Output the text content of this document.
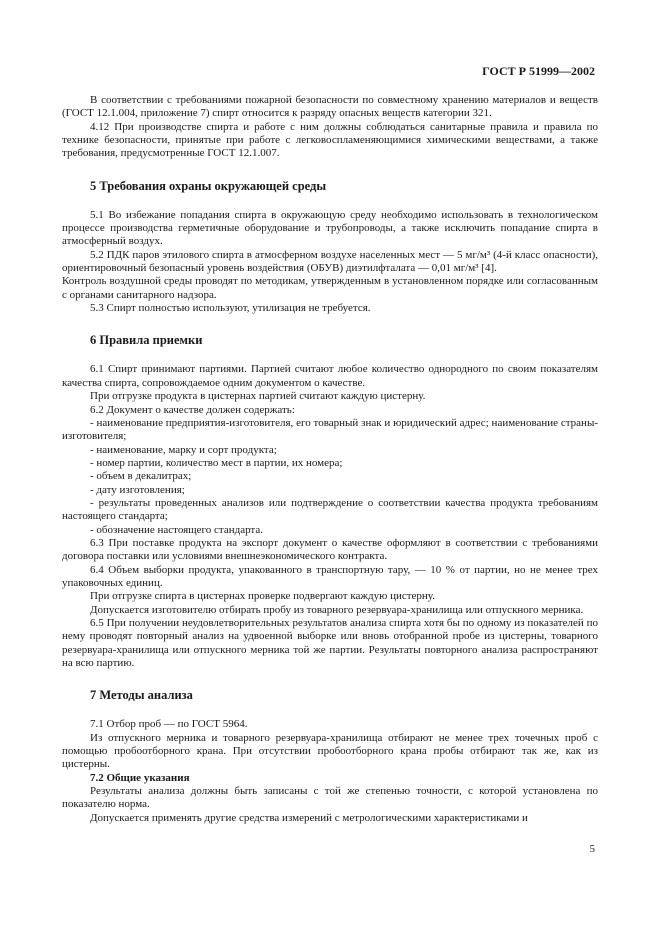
ГОСТ Р 51999—2002

В соответствии с требованиями пожарной безопасности по совместному хранению материалов и веществ (ГОСТ 12.1.004, приложение 7) спирт относится к разряду опасных веществ категории 321.

4.12 При производстве спирта и работе с ним должны соблюдаться санитарные правила и правила по технике безопасности, принятые при работе с легковоспламеняющимися химическими веществами, а также требования, предусмотренные ГОСТ 12.1.007.

5 Требования охраны окружающей среды

5.1 Во избежание попадания спирта в окружающую среду необходимо использовать в технологическом процессе производства герметичные оборудование и трубопроводы, а также исключить попадание спирта в атмосферный воздух.

5.2 ПДК паров этилового спирта в атмосферном воздухе населенных мест — 5 мг/м³ (4-й класс опасности), ориентировочный безопасный уровень воздействия (ОБУВ) диэтилфталата — 0,01 мг/м³ [4].

Контроль воздушной среды проводят по методикам, утвержденным в установленном порядке или согласованным с органами санитарного надзора.

5.3 Спирт полностью используют, утилизация не требуется.

6 Правила приемки

6.1 Спирт принимают партиями. Партией считают любое количество однородного по своим показателям качества спирта, сопровождаемое одним документом о качестве.

При отгрузке продукта в цистернах партией считают каждую цистерну.

6.2 Документ о качестве должен содержать:

- наименование предприятия-изготовителя, его товарный знак и юридический адрес; наименование страны-изготовителя;

- наименование, марку и сорт продукта;

- номер партии, количество мест в партии, их номера;

- объем в декалитрах;

- дату изготовления;

- результаты проведенных анализов или подтверждение о соответствии качества продукта требованиям настоящего стандарта;

- обозначение настоящего стандарта.

6.3 При поставке продукта на экспорт документ о качестве оформляют в соответствии с требованиями договора поставки или условиями внешнеэкономического контракта.

6.4 Объем выборки продукта, упакованного в транспортную тару, — 10 % от партии, но не менее трех упаковочных единиц.

При отгрузке спирта в цистернах проверке подвергают каждую цистерну.

Допускается изготовителю отбирать пробу из товарного резервуара-хранилища или отпускного мерника.

6.5 При получении неудовлетворительных результатов анализа спирта хотя бы по одному из показателей по нему проводят повторный анализ на удвоенной выборке или вновь отобранной пробе из цистерны, товарного резервуара-хранилища или отпускного мерника той же партии. Результаты повторного анализа распространяют на всю партию.

7 Методы анализа

7.1 Отбор проб — по ГОСТ 5964.

Из отпускного мерника и товарного резервуара-хранилища отбирают не менее трех точечных проб с помощью пробоотборного крана. При отсутствии пробоотборного крана пробы отбирают так же, как из цистерны.

7.2 Общие указания

Результаты анализа должны быть записаны с той же степенью точности, с которой установлена по показателю норма.

Допускается применять другие средства измерений с метрологическими характеристиками и

5
